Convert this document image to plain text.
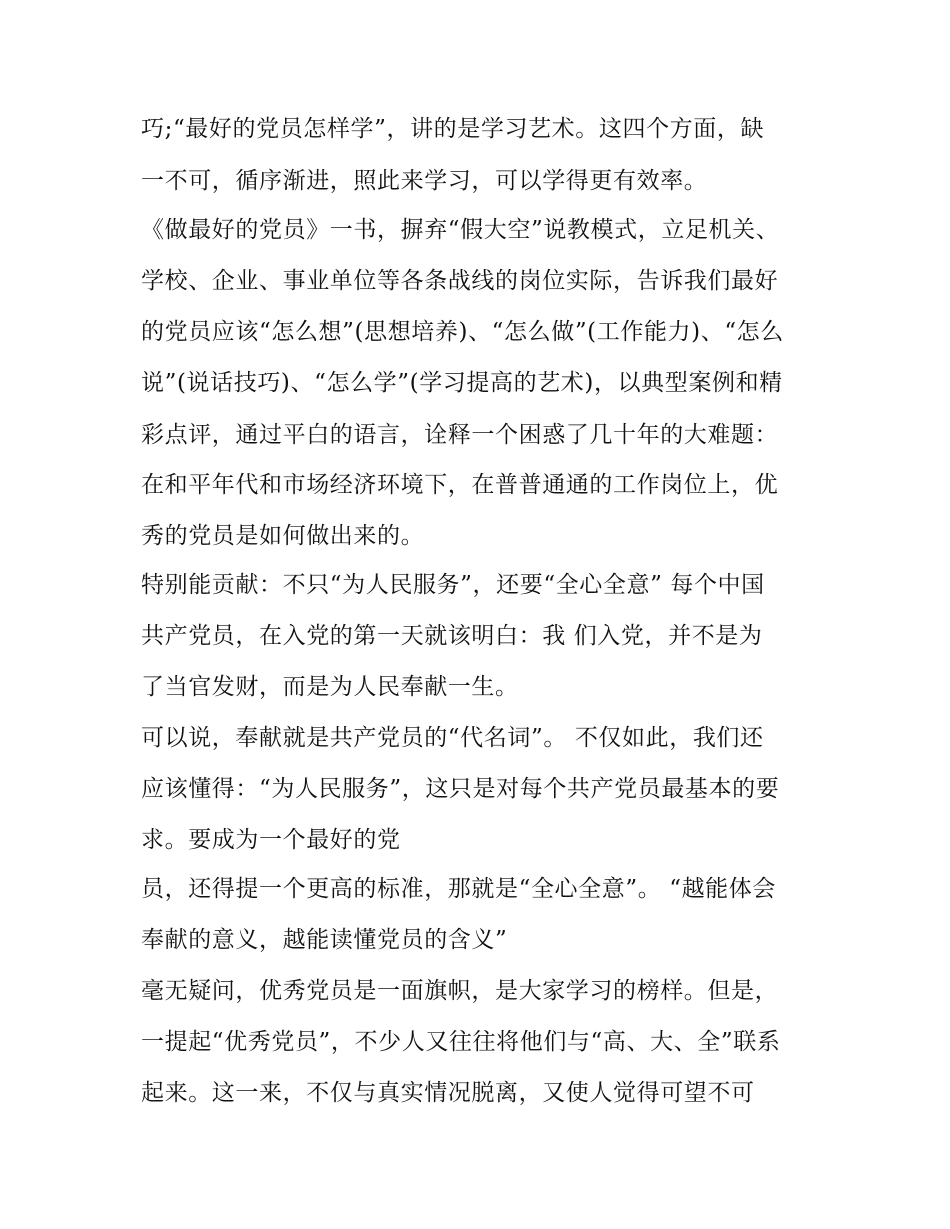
巧;“最好的党员怎样学”，讲的是学习艺术。这四个方面，缺
一不可，循序渐进，照此来学习，可以学得更有效率。
《做最好的党员》一书，摒弃“假大空”说教模式，立足机关、
学校、企业、事业单位等各条战线的岗位实际，告诉我们最好
的党员应该“怎么想”(思想培养)、“怎么做”(工作能力)、“怎么
说”(说话技巧)、“怎么学”(学习提高的艺术)，以典型案例和精
彩点评，通过平白的语言，诠释一个困惑了几十年的大难题：
在和平年代和市场经济环境下，在普普通通的工作岗位上，优
秀的党员是如何做出来的。
特别能贡献：不只“为人民服务”，还要“全心全意” 每个中国
共产党员，在入党的第一天就该明白：我 们入党，并不是为
了当官发财，而是为人民奉献一生。
可以说，奉献就是共产党员的“代名词”。 不仅如此，我们还
应该懂得：“为人民服务”，这只是对每个共产党员最基本的要
求。要成为一个最好的党
员，还得提一个更高的标准，那就是“全心全意”。 “越能体会
奉献的意义，越能读懂党员的含义”
毫无疑问，优秀党员是一面旗帜，是大家学习的榜样。但是，
一提起“优秀党员”，不少人又往往将他们与“高、大、全”联系
起来。这一来，不仅与真实情况脱离，又使人觉得可望不可
